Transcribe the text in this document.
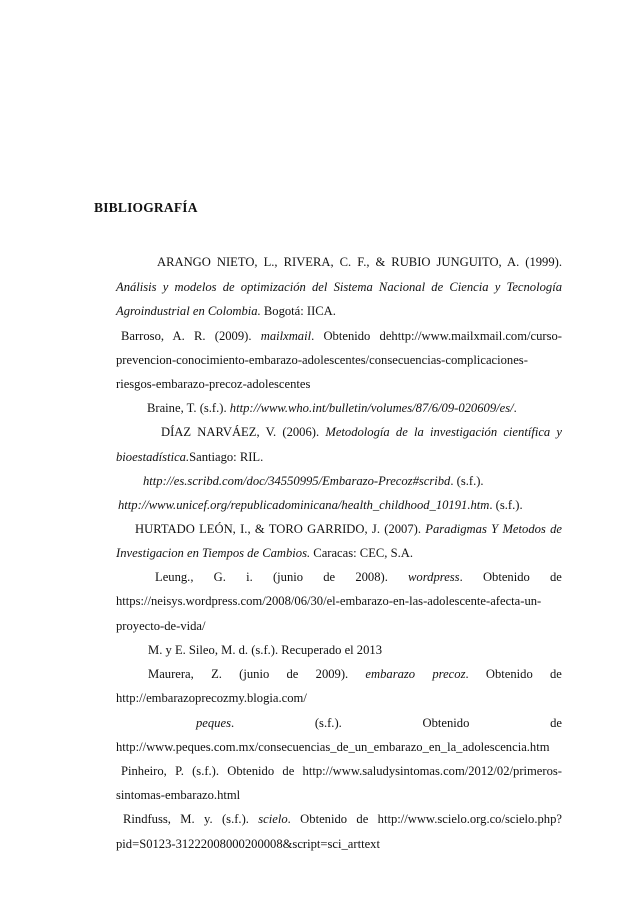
BIBLIOGRAFÍA
ARANGO NIETO, L., RIVERA, C. F., & RUBIO JUNGUITO, A. (1999).
Análisis y modelos de optimización del Sistema Nacional de Ciencia y Tecnología
Agroindustrial en Colombia. Bogotá: IICA.
Barroso, A. R. (2009). mailxmail. Obtenido dehttp://www.mailxmail.com/curso-
prevencion-conocimiento-embarazo-adolescentes/consecuencias-complicaciones-
riesgos-embarazo-precoz-adolescentes
Braine, T. (s.f.). http://www.who.int/bulletin/volumes/87/6/09-020609/es/.
DÍAZ NARVÁEZ, V. (2006). Metodología de la investigación científica y
bioestadística.Santiago: RIL.
http://es.scribd.com/doc/34550995/Embarazo-Precoz#scribd. (s.f.).
http://www.unicef.org/republicadominicana/health_childhood_10191.htm. (s.f.).
HURTADO LEÓN, I., & TORO GARRIDO, J. (2007). Paradigmas Y Metodos de
Investigacion en Tiempos de Cambios. Caracas: CEC, S.A.
Leung., G. i. (junio de 2008). wordpress. Obtenido de
https://neisys.wordpress.com/2008/06/30/el-embarazo-en-las-adolescente-afecta-un-
proyecto-de-vida/
M. y E. Sileo, M. d. (s.f.). Recuperado el 2013
Maurera, Z. (junio de 2009). embarazo precoz. Obtenido de
http://embarazoprecozmy.blogia.com/
peques.	(s.f.).	Obtenido	de
http://www.peques.com.mx/consecuencias_de_un_embarazo_en_la_adolescencia.htm
Pinheiro, P. (s.f.). Obtenido de http://www.saludysintomas.com/2012/02/primeros-
sintomas-embarazo.html
Rindfuss, M. y. (s.f.). scielo. Obtenido de http://www.scielo.org.co/scielo.php?
pid=S0123-31222008000200008&script=sci_arttext
